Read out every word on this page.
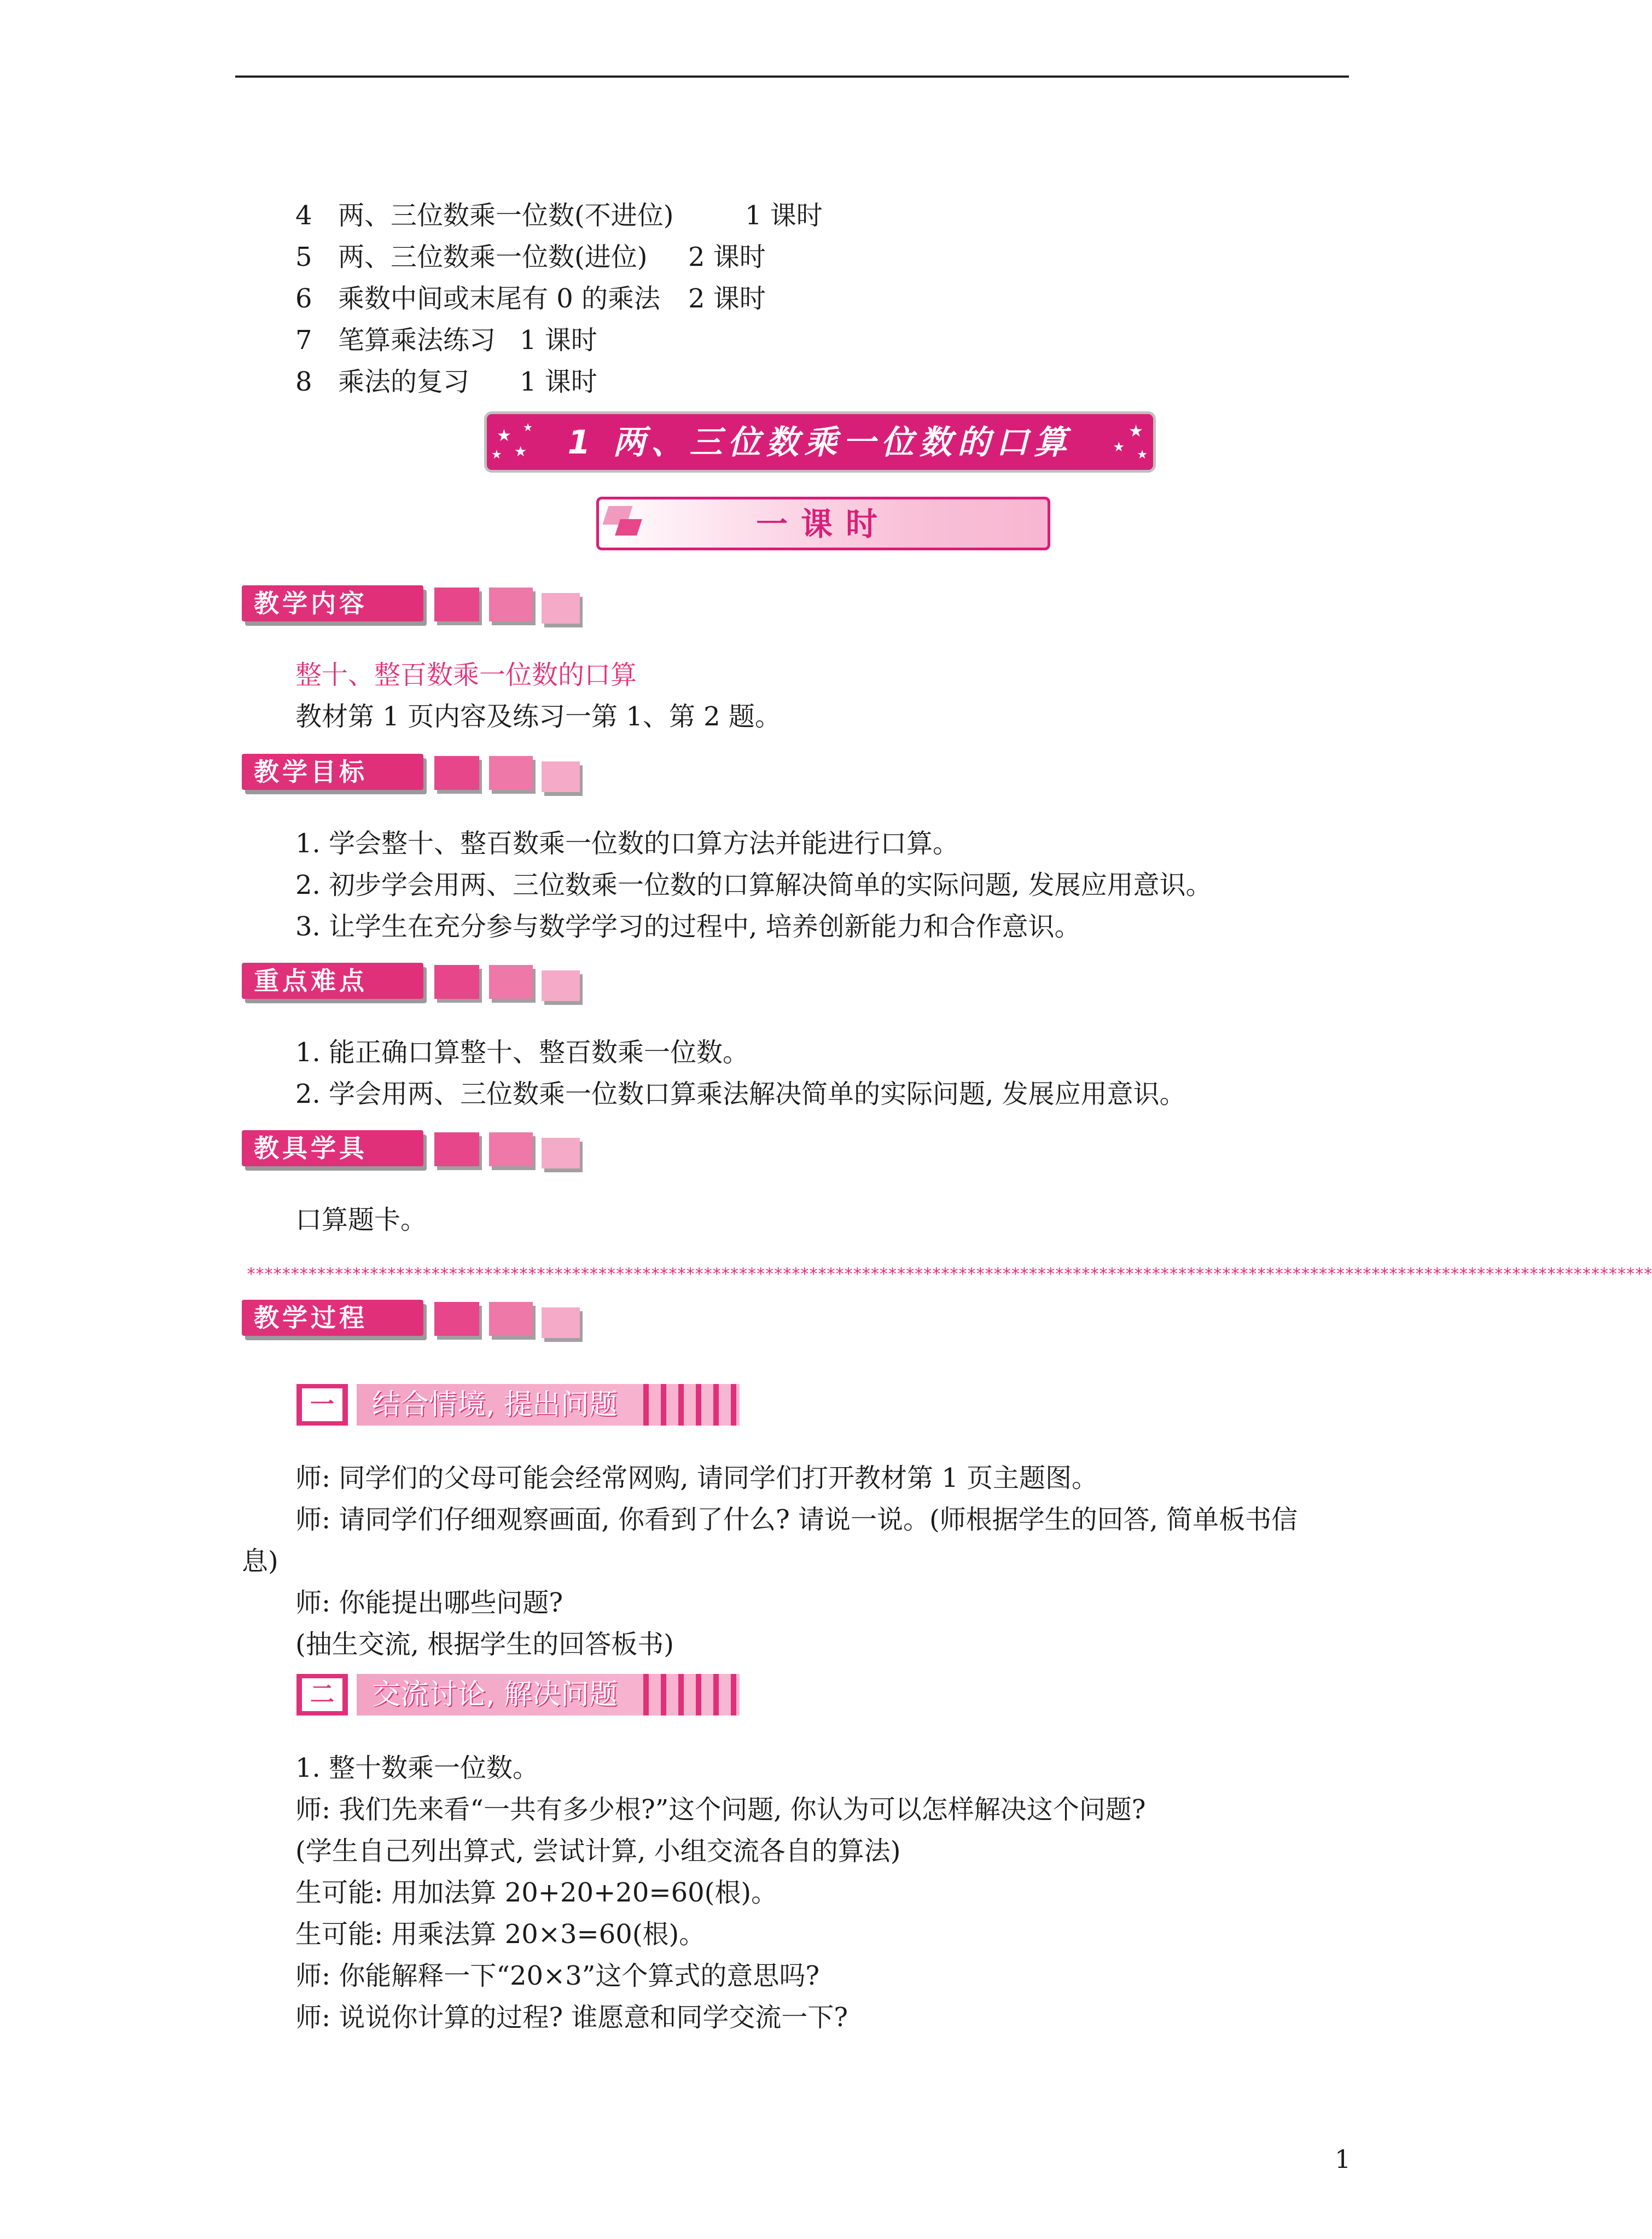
4 两、三位数乘一位数(不进位)	1 课时
5 两、三位数乘一位数(进位) 2 课时
6 乘数中间或末尾有 0 的乘法 2 课时
7 笔算乘法练习 1 课时
8 乘法的复习 1 课时
★
★
★
★	★
★
★
1 两、三位数乘一位数的口算
一课时
教学内容
整十、整百数乘一位数的口算
教材第 1 页内容及练习一第 1、第 2 题。
教学目标
1. 学会整十、整百数乘一位数的口算方法并能进行口算。
2. 初步学会用两、三位数乘一位数的口算解决简单的实际问题, 发展应用意识。
3. 让学生在充分参与数学学习的过程中, 培养创新能力和合作意识。
重点难点
1. 能正确口算整十、整百数乘一位数。
2. 学会用两、三位数乘一位数口算乘法解决简单的实际问题, 发展应用意识。
教具学具
口算题卡。
****************************************************************************************************************************************************************
教学过程
一 结合情境, 提出问题
师: 同学们的父母可能会经常网购, 请同学们打开教材第 1 页主题图。
师: 请同学们仔细观察画面, 你看到了什么? 请说一说。(师根据学生的回答, 简单板书信
息)
师: 你能提出哪些问题?
(抽生交流, 根据学生的回答板书)
二 交流讨论, 解决问题
1. 整十数乘一位数。
师: 我们先来看“一共有多少根?”这个问题, 你认为可以怎样解决这个问题?
(学生自己列出算式, 尝试计算, 小组交流各自的算法)
生可能: 用加法算 20+20+20=60(根)。
生可能: 用乘法算 20×3=60(根)。
师: 你能解释一下“20×3”这个算式的意思吗?
师: 说说你计算的过程? 谁愿意和同学交流一下?
1
